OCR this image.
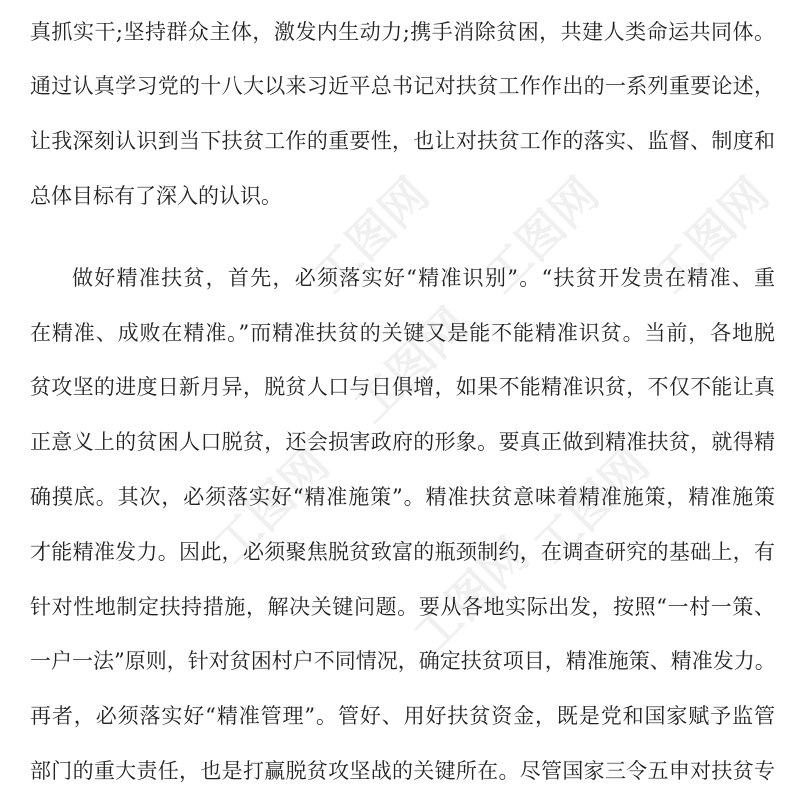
工图网 工图网 工图网
工图网
工图网	工图网
工图网
真抓实干;坚持群众主体，激发内生动力;携手消除贫困，共建人类命运共同体。
通过认真学习党的十八大以来习近平总书记对扶贫工作作出的一系列重要论述，
让我深刻认识到当下扶贫工作的重要性，也让对扶贫工作的落实、监督、制度和
总体目标有了深入的认识。
做好精准扶贫，首先，必须落实好“精准识别”。“扶贫开发贵在精准、重
在精准、成败在精准。”而精准扶贫的关键又是能不能精准识贫。当前，各地脱
贫攻坚的进度日新月异，脱贫人口与日俱增，如果不能精准识贫，不仅不能让真
正意义上的贫困人口脱贫，还会损害政府的形象。要真正做到精准扶贫，就得精
确摸底。其次，必须落实好“精准施策”。精准扶贫意味着精准施策，精准施策
才能精准发力。因此，必须聚焦脱贫致富的瓶颈制约，在调查研究的基础上，有
针对性地制定扶持措施，解决关键问题。要从各地实际出发，按照“一村一策、
一户一法”原则，针对贫困村户不同情况，确定扶贫项目，精准施策、精准发力。
再者，必须落实好“精准管理”。管好、用好扶贫资金，既是党和国家赋予监管
部门的重大责任，也是打赢脱贫攻坚战的关键所在。尽管国家三令五申对扶贫专
